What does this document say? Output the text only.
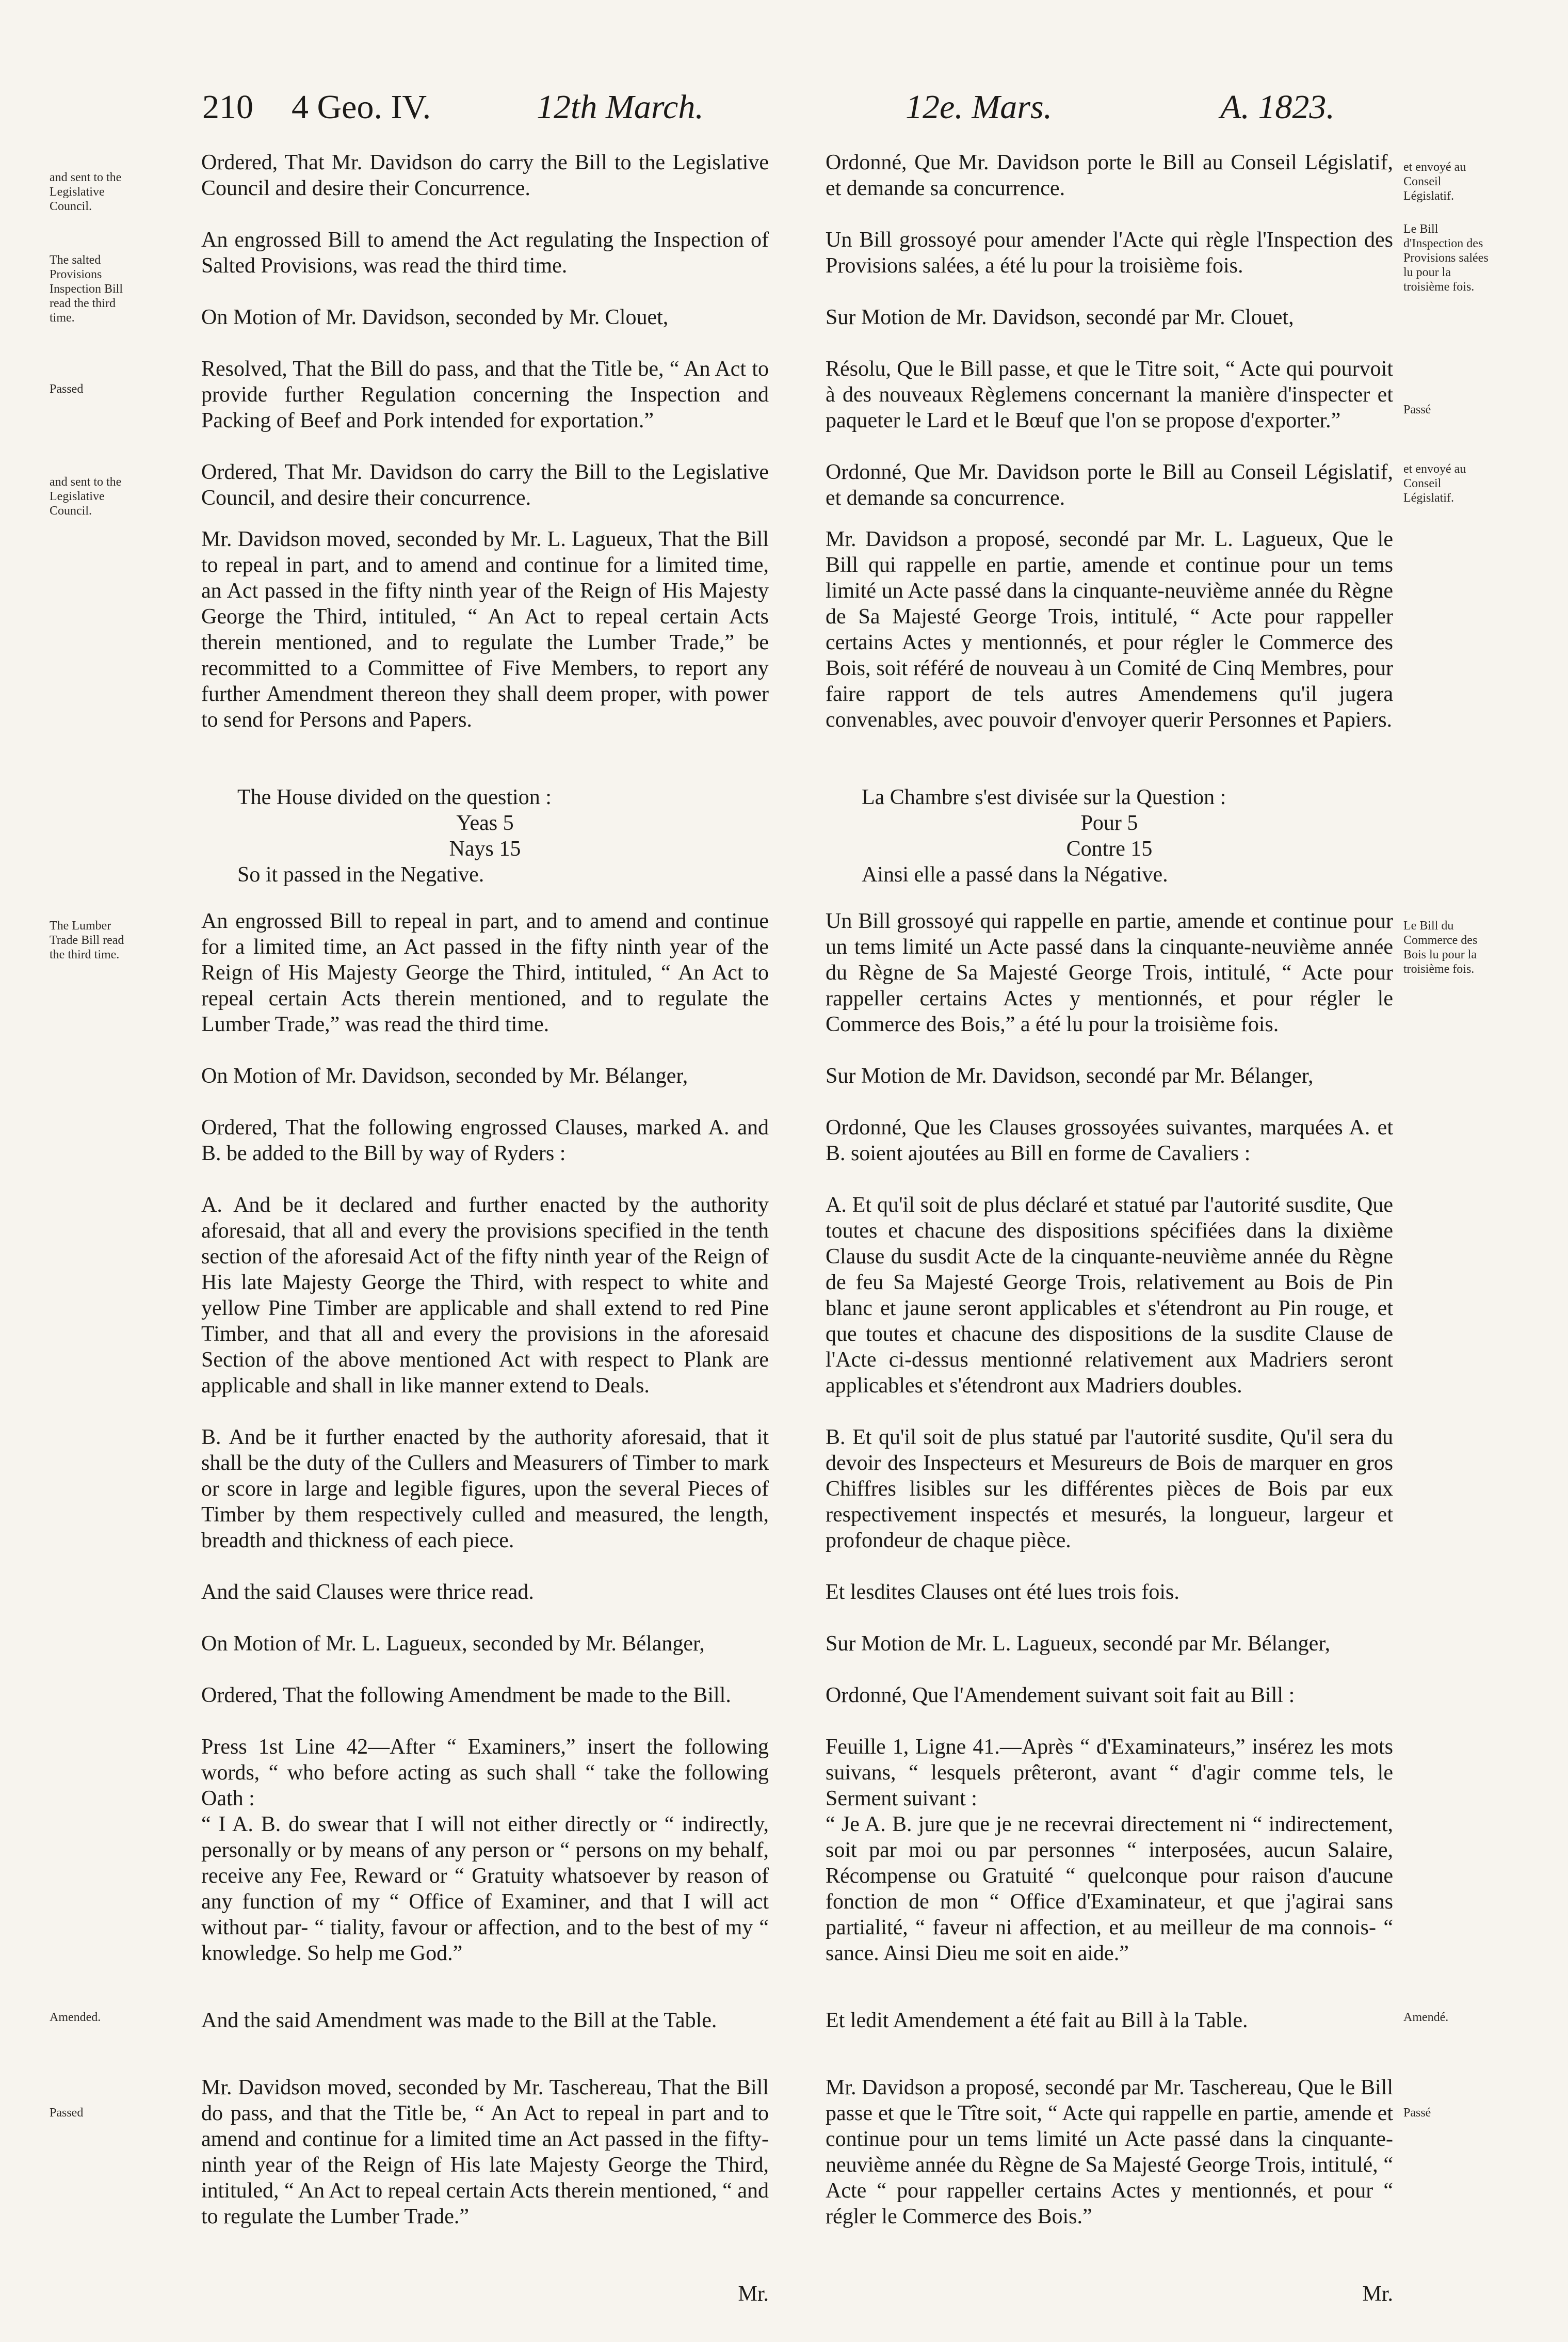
210 4 Geo. IV.	12th March.	12e. Mars.	A. 1823.
and sent to the Legislative Council.
The salted Provisions Inspection Bill read the third time.
Passed
and sent to the Legislative Council.
The Lumber Trade Bill read the third time.
Amended.
Passed
et envoyé au Conseil Législatif.
Le Bill d'Inspection des Provisions salées lu pour la troisième fois.
Passé
et envoyé au Conseil Législatif.
Le Bill du Commerce des Bois lu pour la troisième fois.
Amendé.
Passé

Ordered, That Mr. Davidson do carry the Bill to the Legislative Council and desire their Concurrence.

An engrossed Bill to amend the Act regulating the Inspection of Salted Provisions, was read the third time.

On Motion of Mr. Davidson, seconded by Mr. Clouet,

Resolved, That the Bill do pass, and that the Title be, “ An Act to provide further Regulation concerning the Inspection and Packing of Beef and Pork intended for exportation.”

Ordered, That Mr. Davidson do carry the Bill to the Legislative Council, and desire their concurrence.

Mr. Davidson moved, seconded by Mr. L. Lagueux, That the Bill to repeal in part, and to amend and continue for a limited time, an Act passed in the fifty ninth year of the Reign of His Majesty George the Third, intituled, “ An Act to repeal certain Acts therein mentioned, and to regulate the Lumber Trade,” be recommitted to a Committee of Five Members, to report any further Amendment thereon they shall deem proper, with power to send for Persons and Papers.

The House divided on the question :
Yeas 5
Nays 15
So it passed in the Negative.

An engrossed Bill to repeal in part, and to amend and continue for a limited time, an Act passed in the fifty ninth year of the Reign of His Majesty George the Third, intituled, “ An Act to repeal certain Acts therein mentioned, and to regulate the Lumber Trade,” was read the third time.

On Motion of Mr. Davidson, seconded by Mr. Bélanger,

Ordered, That the following engrossed Clauses, marked A. and B. be added to the Bill by way of Ryders :

A. And be it declared and further enacted by the authority aforesaid, that all and every the provisions specified in the tenth section of the aforesaid Act of the fifty ninth year of the Reign of His late Majesty George the Third, with respect to white and yellow Pine Timber are applicable and shall extend to red Pine Timber, and that all and every the provisions in the aforesaid Section of the above mentioned Act with respect to Plank are applicable and shall in like manner extend to Deals.

B. And be it further enacted by the authority aforesaid, that it shall be the duty of the Cullers and Measurers of Timber to mark or score in large and legible figures, upon the several Pieces of Timber by them respectively culled and measured, the length, breadth and thickness of each piece.

And the said Clauses were thrice read.

On Motion of Mr. L. Lagueux, seconded by Mr. Bélanger,

Ordered, That the following Amendment be made to the Bill.

Press 1st Line 42—After “ Examiners,” insert the following words, “ who before acting as such shall “ take the following Oath :

“ I A. B. do swear that I will not either directly or “ indirectly, personally or by means of any person or “ persons on my behalf, receive any Fee, Reward or “ Gratuity whatsoever by reason of any function of my “ Office of Examiner, and that I will act without par- “ tiality, favour or affection, and to the best of my “ knowledge. So help me God.”

And the said Amendment was made to the Bill at the Table.

Mr. Davidson moved, seconded by Mr. Taschereau, That the Bill do pass, and that the Title be, “ An Act to repeal in part and to amend and continue for a limited time an Act passed in the fifty-ninth year of the Reign of His late Majesty George the Third, intituled, “ An Act to repeal certain Acts therein mentioned, “ and to regulate the Lumber Trade.”

Mr.

Ordonné, Que Mr. Davidson porte le Bill au Conseil Législatif, et demande sa concurrence.

Un Bill grossoyé pour amender l'Acte qui règle l'Inspection des Provisions salées, a été lu pour la troisième fois.

Sur Motion de Mr. Davidson, secondé par Mr. Clouet,

Résolu, Que le Bill passe, et que le Titre soit, “ Acte qui pourvoit à des nouveaux Règlemens concernant la manière d'inspecter et paqueter le Lard et le Bœuf que l'on se propose d'exporter.”

Ordonné, Que Mr. Davidson porte le Bill au Conseil Législatif, et demande sa concurrence.

Mr. Davidson a proposé, secondé par Mr. L. Lagueux, Que le Bill qui rappelle en partie, amende et continue pour un tems limité un Acte passé dans la cinquante-neuvième année du Règne de Sa Majesté George Trois, intitulé, “ Acte pour rappeller certains Actes y mentionnés, et pour régler le Commerce des Bois, soit référé de nouveau à un Comité de Cinq Membres, pour faire rapport de tels autres Amendemens qu'il jugera convenables, avec pouvoir d'envoyer querir Personnes et Papiers.

La Chambre s'est divisée sur la Question :
Pour 5
Contre 15
Ainsi elle a passé dans la Négative.

Un Bill grossoyé qui rappelle en partie, amende et continue pour un tems limité un Acte passé dans la cinquante-neuvième année du Règne de Sa Majesté George Trois, intitulé, “ Acte pour rappeller certains Actes y mentionnés, et pour régler le Commerce des Bois,” a été lu pour la troisième fois.

Sur Motion de Mr. Davidson, secondé par Mr. Bélanger,

Ordonné, Que les Clauses grossoyées suivantes, marquées A. et B. soient ajoutées au Bill en forme de Cavaliers :

A. Et qu'il soit de plus déclaré et statué par l'autorité susdite, Que toutes et chacune des dispositions spécifiées dans la dixième Clause du susdit Acte de la cinquante-neuvième année du Règne de feu Sa Majesté George Trois, relativement au Bois de Pin blanc et jaune seront applicables et s'étendront au Pin rouge, et que toutes et chacune des dispositions de la susdite Clause de l'Acte ci-dessus mentionné relativement aux Madriers seront applicables et s'étendront aux Madriers doubles.

B. Et qu'il soit de plus statué par l'autorité susdite, Qu'il sera du devoir des Inspecteurs et Mesureurs de Bois de marquer en gros Chiffres lisibles sur les différentes pièces de Bois par eux respectivement inspectés et mesurés, la longueur, largeur et profondeur de chaque pièce.

Et lesdites Clauses ont été lues trois fois.

Sur Motion de Mr. L. Lagueux, secondé par Mr. Bélanger,

Ordonné, Que l'Amendement suivant soit fait au Bill :

Feuille 1, Ligne 41.—Après “ d'Examinateurs,” insérez les mots suivans, “ lesquels prêteront, avant “ d'agir comme tels, le Serment suivant :

“ Je A. B. jure que je ne recevrai directement ni “ indirectement, soit par moi ou par personnes “ interposées, aucun Salaire, Récompense ou Gratuité “ quelconque pour raison d'aucune fonction de mon “ Office d'Examinateur, et que j'agirai sans partialité, “ faveur ni affection, et au meilleur de ma connois- “ sance. Ainsi Dieu me soit en aide.”

Et ledit Amendement a été fait au Bill à la Table.

Mr. Davidson a proposé, secondé par Mr. Taschereau, Que le Bill passe et que le Tître soit, “ Acte qui rappelle en partie, amende et continue pour un tems limité un Acte passé dans la cinquante-neuvième année du Règne de Sa Majesté George Trois, intitulé, “ Acte “ pour rappeller certains Actes y mentionnés, et pour “ régler le Commerce des Bois.”

Mr.
